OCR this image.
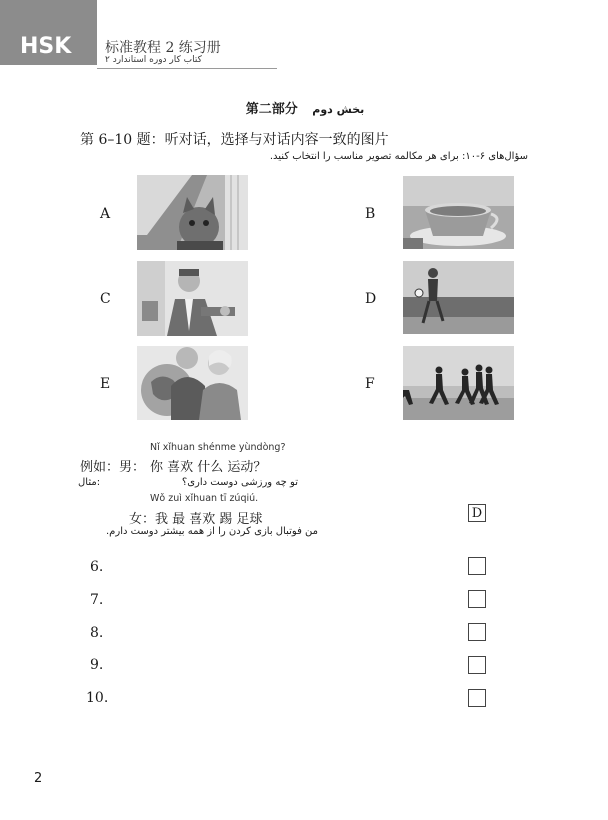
HSK 标准教程 2 练习册
کتاب کار دوره استاندارد ۲
第二部分 بخش دوم
第 6–10 题：听对话，选择与对话内容一致的图片
سؤال‌های ۶-۱۰: برای هر مکالمه تصویر مناسب را انتخاب کنید.
A	B
C	D
E	F
例如：男：
مثال:
Nǐ xǐhuan shénme yùndòng?
你 喜欢 什么 运动？
تو چه ورزشی دوست داری؟
Wǒ zuì xǐhuan tī zúqiú.
女：我 最 喜欢 踢 足球
من فوتبال بازی کردن را از همه بیشتر دوست دارم.
D
6.
7.
8.
9.
10.
2
